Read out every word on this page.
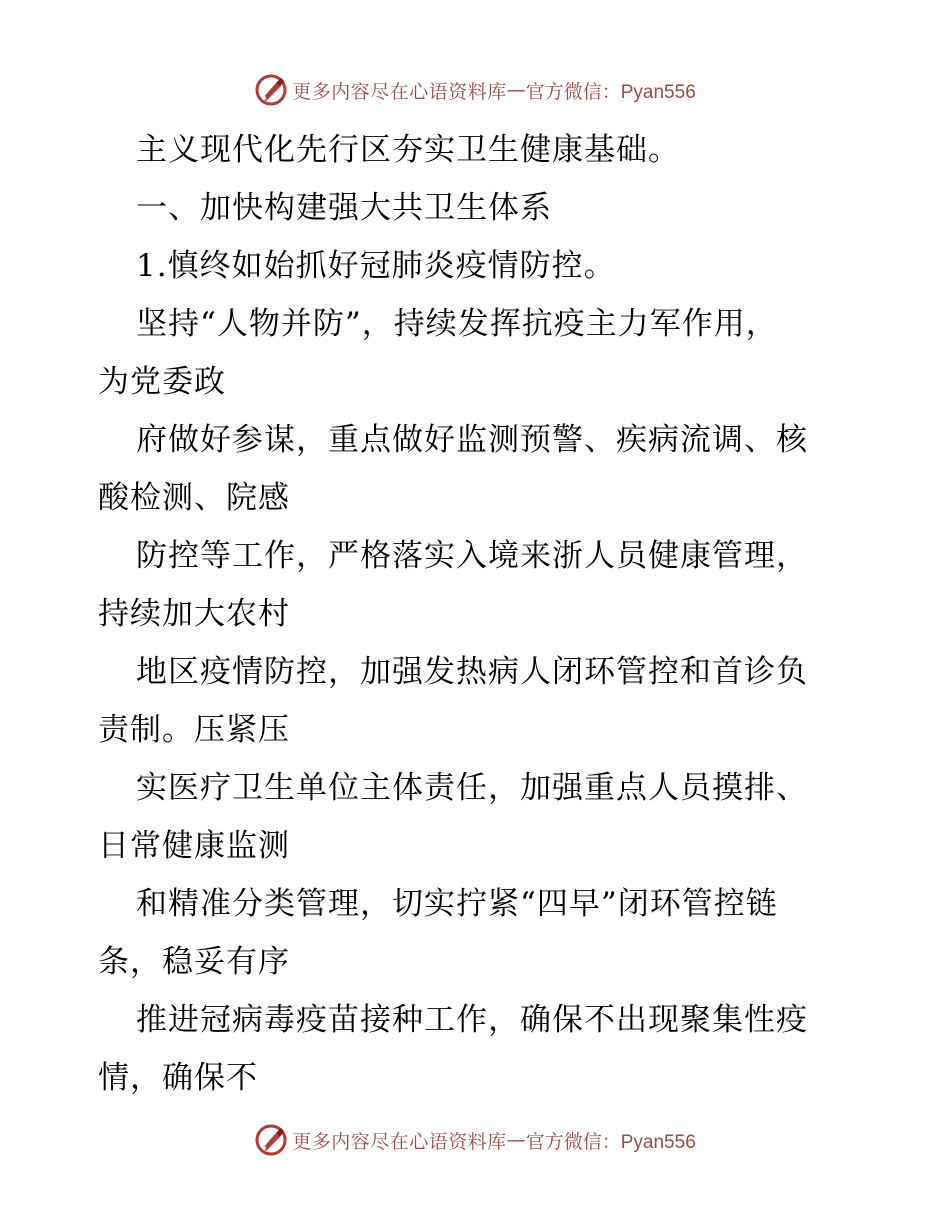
更多内容尽在心语资料库 — 官方微信：Pyan556
主义现代化先行区夯实卫生健康基础。
一、加快构建强大共卫生体系
1.慎终如始抓好冠肺炎疫情防控。
坚持“人物并防”，持续发挥抗疫主力军作用，
为党委政
府做好参谋，重点做好监测预警、疾病流调、核
酸检测、院感
防控等工作，严格落实入境来浙人员健康管理，
持续加大农村
地区疫情防控，加强发热病人闭环管控和首诊负
责制。压紧压
实医疗卫生单位主体责任，加强重点人员摸排、
日常健康监测
和精准分类管理，切实拧紧“四早”闭环管控链
条，稳妥有序
推进冠病毒疫苗接种工作，确保不出现聚集性疫
情，确保不
更多内容尽在心语资料库 — 官方微信：Pyan556
